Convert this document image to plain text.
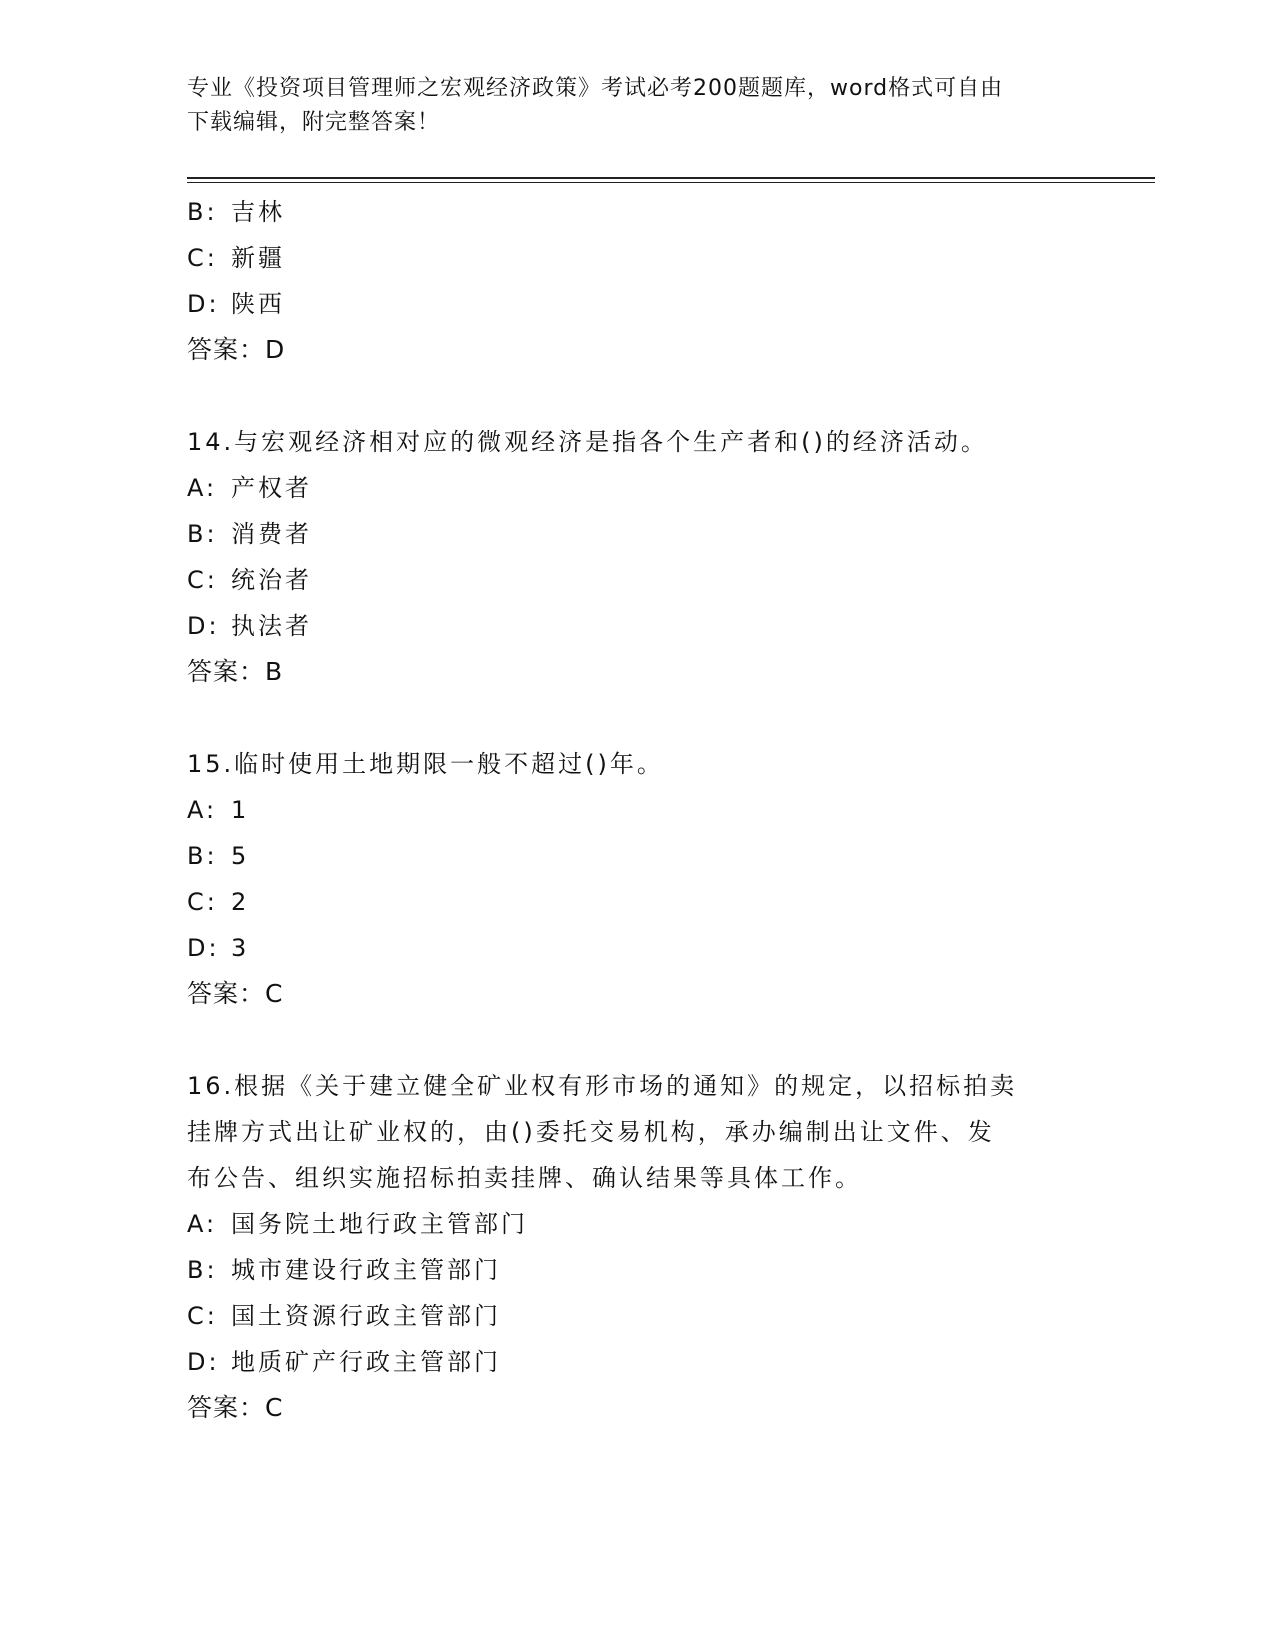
专业《投资项目管理师之宏观经济政策》考试必考200题题库，word格式可自由
下载编辑，附完整答案！
B: 吉林
C: 新疆
D: 陕西
答案：D
14.与宏观经济相对应的微观经济是指各个生产者和()的经济活动。
A: 产权者
B: 消费者
C: 统治者
D: 执法者
答案：B
15.临时使用土地期限一般不超过()年。
A: 1
B: 5
C: 2
D: 3
答案：C
16.根据《关于建立健全矿业权有形市场的通知》的规定，以招标拍卖
挂牌方式出让矿业权的，由()委托交易机构，承办编制出让文件、发
布公告、组织实施招标拍卖挂牌、确认结果等具体工作。
A: 国务院土地行政主管部门
B: 城市建设行政主管部门
C: 国土资源行政主管部门
D: 地质矿产行政主管部门
答案：C
